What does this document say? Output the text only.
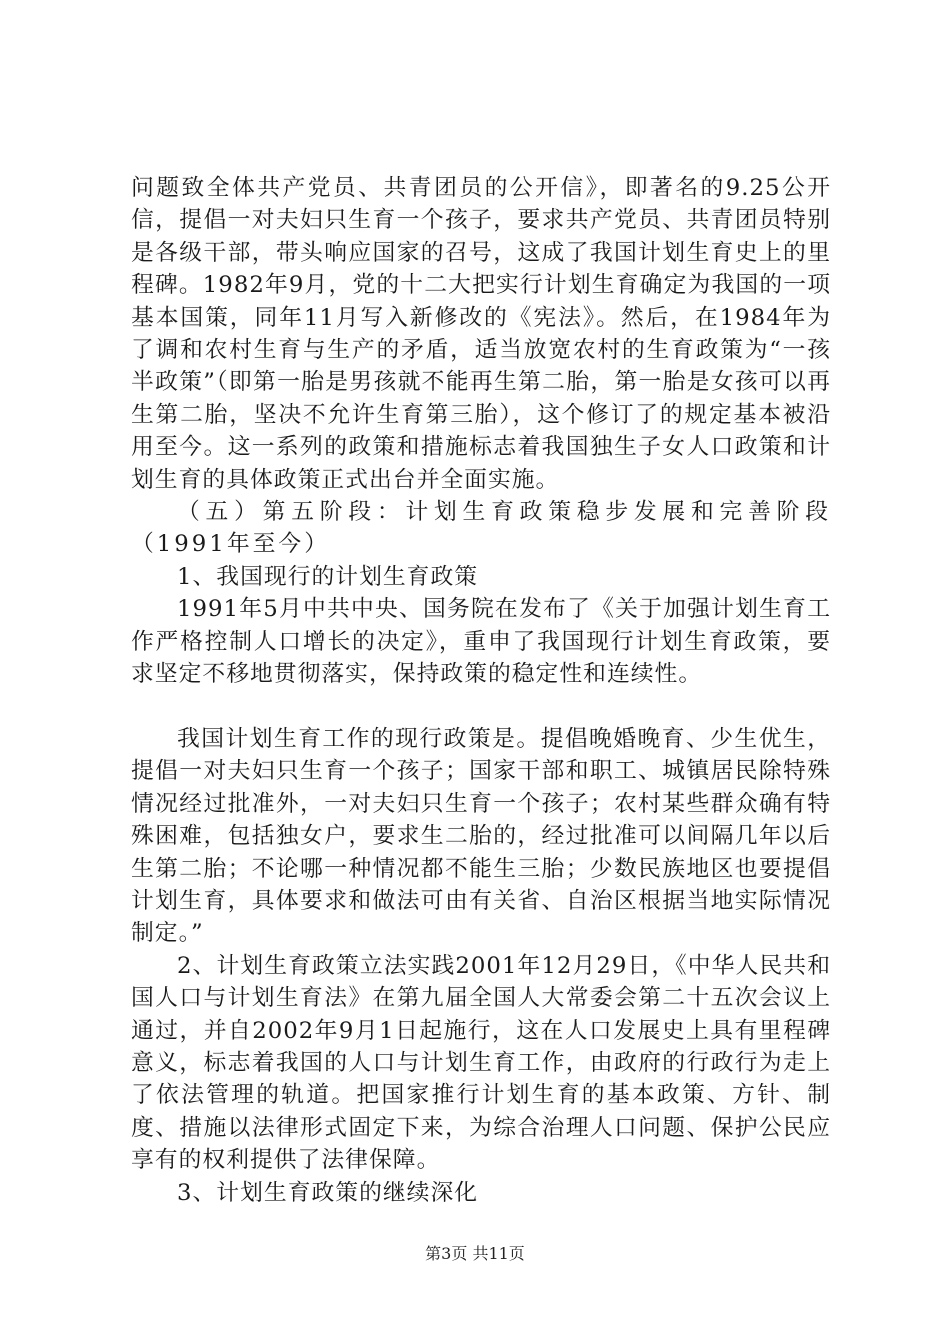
问题致全体共产党员、共青团员的公开信》，即著名的9.25公开信，提倡一对夫妇只生育一个孩子，要求共产党员、共青团员特别是各级干部，带头响应国家的召号，这成了我国计划生育史上的里程碑。1982年9月，党的十二大把实行计划生育确定为我国的一项基本国策，同年11月写入新修改的《宪法》。然后，在1984年为了调和农村生育与生产的矛盾，适当放宽农村的生育政策为“一孩半政策”（即第一胎是男孩就不能再生第二胎，第一胎是女孩可以再生第二胎，坚决不允许生育第三胎），这个修订了的规定基本被沿用至今。这一系列的政策和措施标志着我国独生子女人口政策和计划生育的具体政策正式出台并全面实施。

（五）第五阶段：计划生育政策稳步发展和完善阶段（1991年至今）

1、我国现行的计划生育政策

1991年5月中共中央、国务院在发布了《关于加强计划生育工作严格控制人口增长的决定》，重申了我国现行计划生育政策，要求坚定不移地贯彻落实，保持政策的稳定性和连续性。

我国计划生育工作的现行政策是。提倡晚婚晚育、少生优生，提倡一对夫妇只生育一个孩子；国家干部和职工、城镇居民除特殊情况经过批准外，一对夫妇只生育一个孩子；农村某些群众确有特殊困难，包括独女户，要求生二胎的，经过批准可以间隔几年以后生第二胎；不论哪一种情况都不能生三胎；少数民族地区也要提倡计划生育，具体要求和做法可由有关省、自治区根据当地实际情况制定。”

2、计划生育政策立法实践2001年12月29日，《中华人民共和国人口与计划生育法》在第九届全国人大常委会第二十五次会议上通过，并自2002年9月1日起施行，这在人口发展史上具有里程碑意义，标志着我国的人口与计划生育工作，由政府的行政行为走上了依法管理的轨道。把国家推行计划生育的基本政策、方针、制度、措施以法律形式固定下来，为综合治理人口问题、保护公民应享有的权利提供了法律保障。

3、计划生育政策的继续深化

第3页 共11页
